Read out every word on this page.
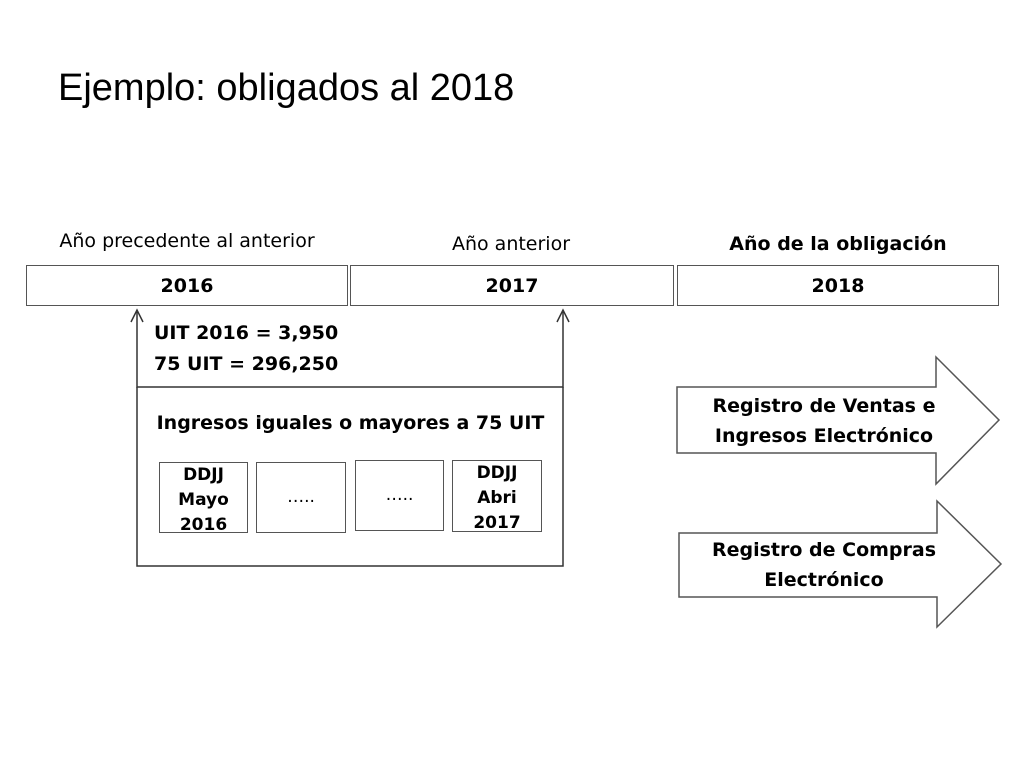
Ejemplo: obligados al 2018
Año precedente al anterior	Año anterior	Año de la obligación
2016	2017	2018
UIT 2016 = 3,950
75 UIT = 296,250
Ingresos iguales o mayores a 75 UIT
DDJJ
Mayo
2016
…..	…..
DDJJ
Abri
2017
Registro de Ventas e
Ingresos Electrónico
Registro de Compras
Electrónico
